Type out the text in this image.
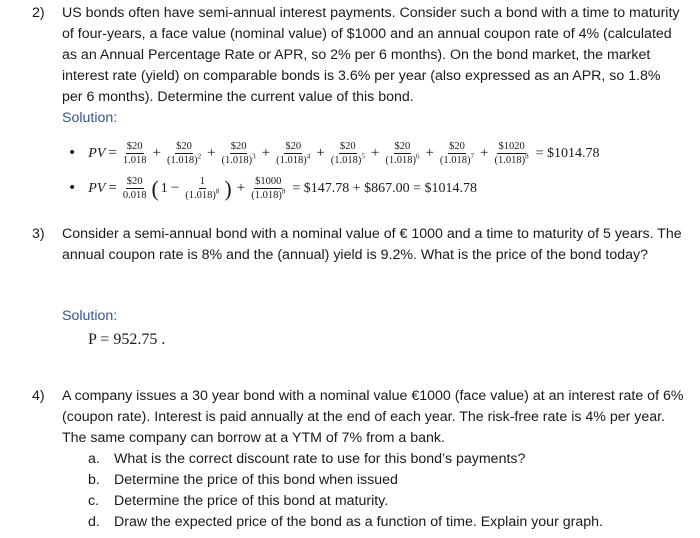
2) US bonds often have semi-annual interest payments. Consider such a bond with a time to maturity of four-years, a face value (nominal value) of $1000 and an annual coupon rate of 4% (calculated as an Annual Percentage Rate or APR, so 2% per 6 months). On the bond market, the market interest rate (yield) on comparable bonds is 3.6% per year (also expressed as an APR, so 1.8% per 6 months). Determine the current value of this bond.
Solution:
• PV = $\frac{\$20}{1.018} + \frac{\$20}{(1.018)^2} + \frac{\$20}{(1.018)^3} + \frac{\$20}{(1.018)^4} + \frac{\$20}{(1.018)^5} + \frac{\$20}{(1.018)^6} + \frac{\$20}{(1.018)^7} + \frac{\$1020}{(1.018)^8}$ = $1014.78
• PV = $\frac{\$20}{0.018}$ ( $1 - \frac{1}{(1.018)^8}$ ) + $\frac{\$1000}{(1.018)^8}$ = $147.78 + $867.00 = $1014.78
3) Consider a semi-annual bond with a nominal value of € 1000 and a time to maturity of 5 years. The annual coupon rate is 8% and the (annual) yield is 9.2%. What is the price of the bond today?
Solution:
P = 952.75 .
4) A company issues a 30 year bond with a nominal value €1000 (face value) at an interest rate of 6% (coupon rate). Interest is paid annually at the end of each year. The risk-free rate is 4% per year. The same company can borrow at a YTM of 7% from a bank.
a. What is the correct discount rate to use for this bond’s payments?
b. Determine the price of this bond when issued
c.	Determine the price of this bond at maturity.
d. Draw the expected price of the bond as a function of time. Explain your graph.
